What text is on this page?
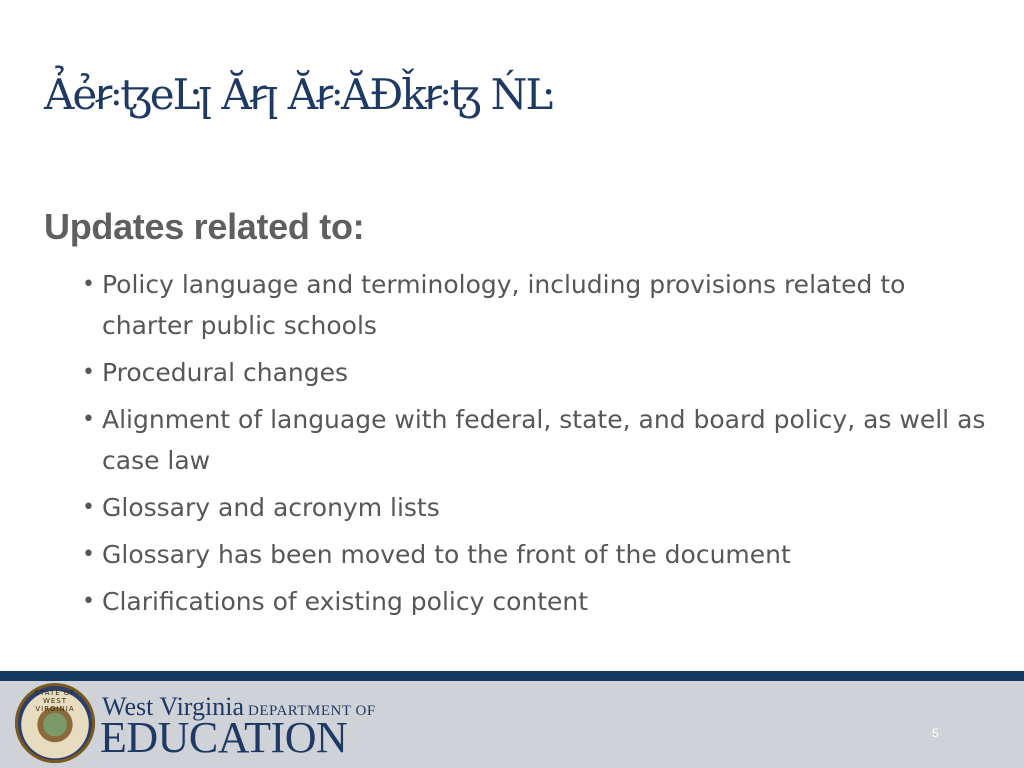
Ảẻꞧ꞉ꜩeĿꞁ Ăꞧꞁ Ăꞧ꞉ĂĐǩꞧ꞉ꜩ ŃĿ
Updates related to:
• Policy language and terminology, including provisions related to charter public schools
• Procedural changes
• Alignment of language with federal, state, and board policy, as well as case law
• Glossary and acronym lists
• Glossary has been moved to the front of the document
• Clarifications of existing policy content
STATE OF WEST VIRGINIA	West Virginia DEPARTMENT OF
EDUCATION	5
